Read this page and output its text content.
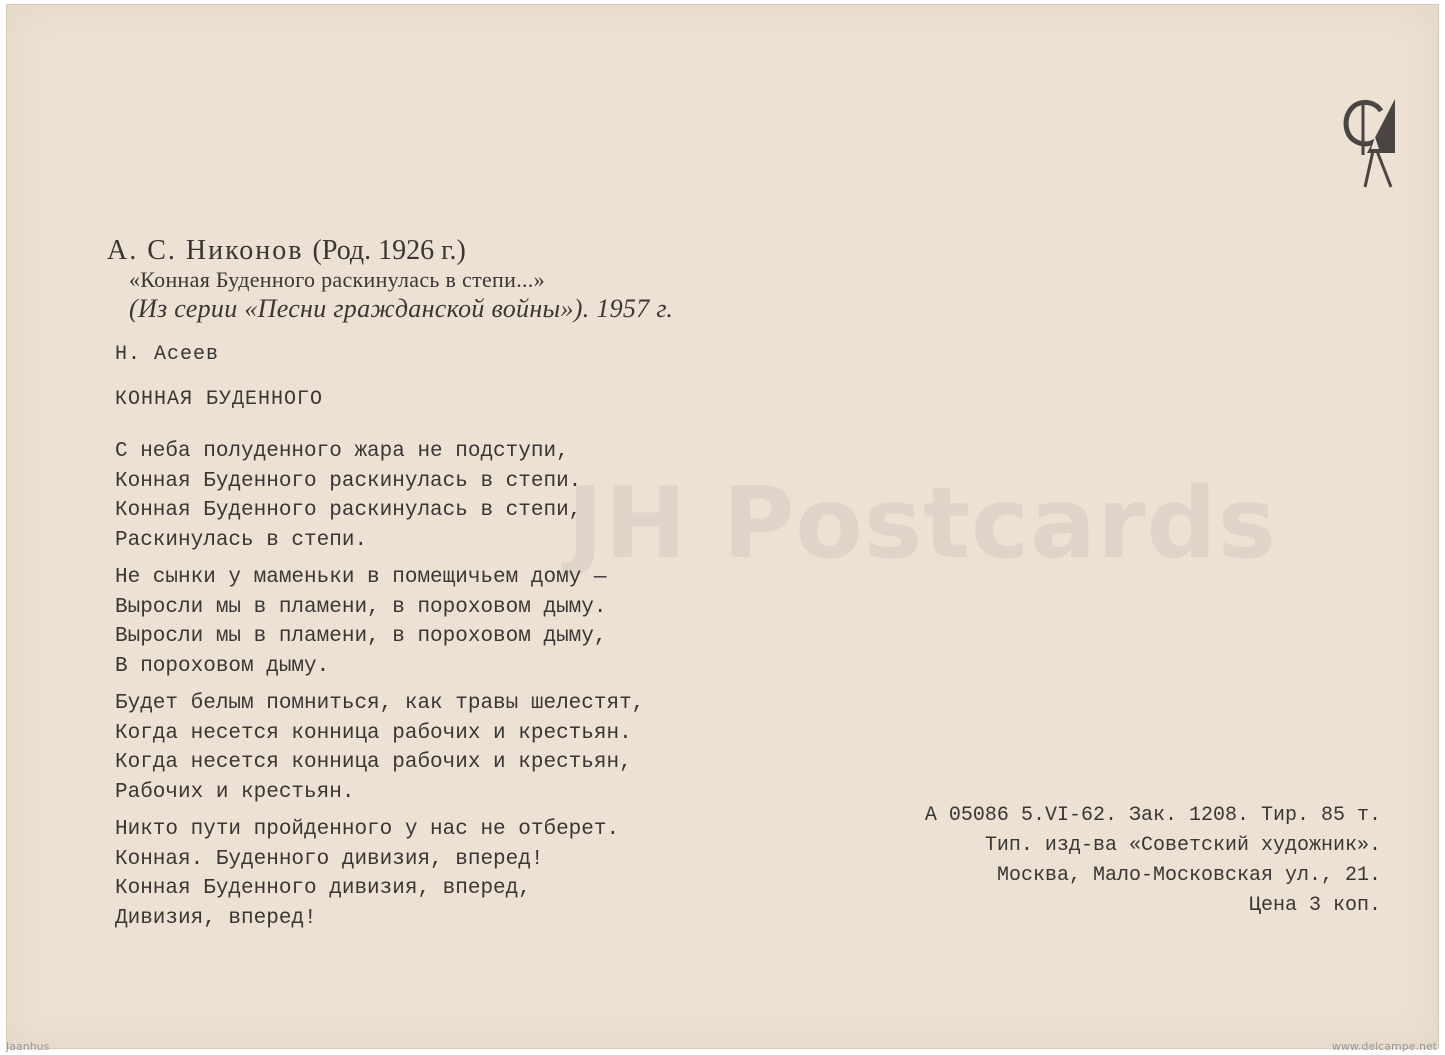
А. С. Никонов (Род. 1926 г.)
«Конная Буденного раскинулась в степи...»
(Из серии «Песни гражданской войны»). 1957 г.
Н. Асеев
КОННАЯ БУДЕННОГО
JH Postcards
С неба полуденного жара не подступи,
Конная Буденного раскинулась в степи.
Конная Буденного раскинулась в степи,
Раскинулась в степи.
Не сынки у маменьки в помещичьем дому —
Выросли мы в пламени, в пороховом дыму.
Выросли мы в пламени, в пороховом дыму,
В пороховом дыму.
Будет белым помниться, как травы шелестят,
Когда несется конница рабочих и крестьян.
Когда несется конница рабочих и крестьян,
Рабочих и крестьян.
Никто пути пройденного у нас не отберет.
Конная. Буденного дивизия, вперед!
Конная Буденного дивизия, вперед,
Дивизия, вперед!
А 05086 5.VI-62. Зак. 1208. Тир. 85 т.
Тип. изд-ва «Советский художник».
Москва, Мало-Московская ул., 21.
Цена 3 коп.
Jaanhus	www.delcampe.net
